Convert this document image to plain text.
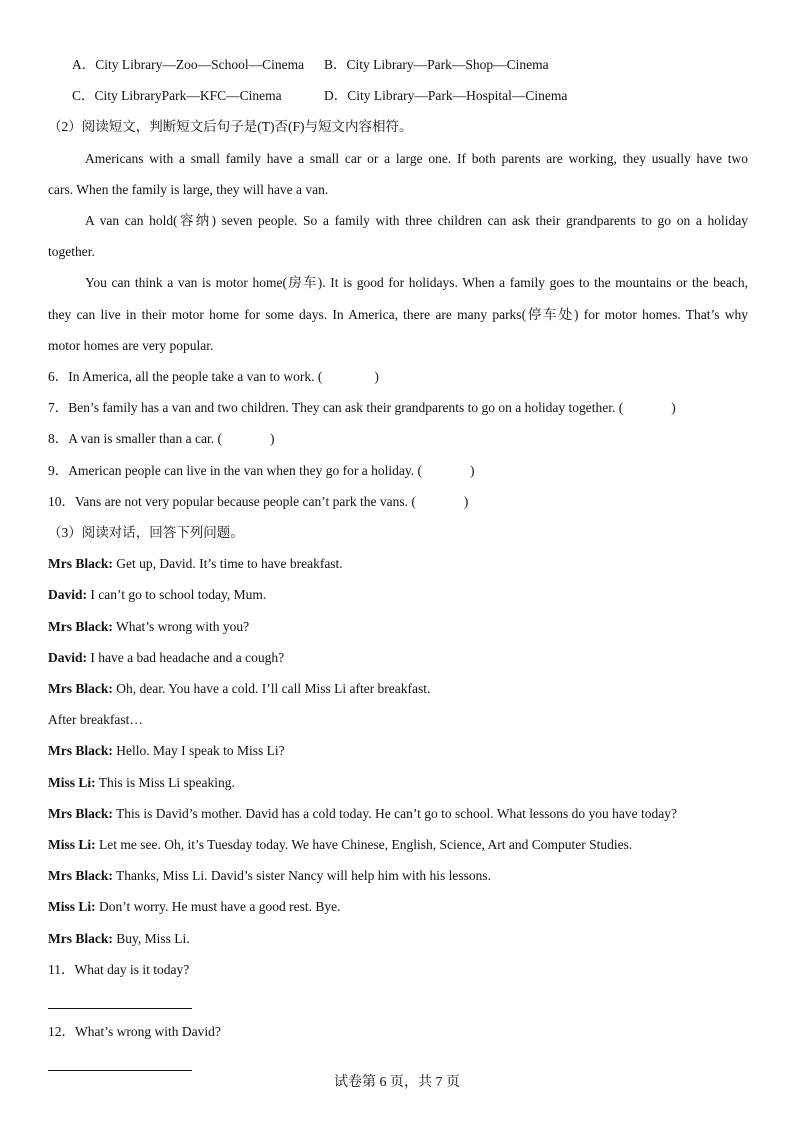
A．City Library—Zoo—School—Cinema B．City Library—Park—Shop—Cinema
C．City LibraryPark—KFC—Cinema	D．City Library—Park—Hospital—Cinema
（2）阅读短文，判断短文后句子是(T)否(F)与短文内容相符。
Americans with a small family have a small car or a large one. If both parents are working, they usually have two
cars. When the family is large, they will have a van.
A van can hold(容纳) seven people. So a family with three children can ask their grandparents to go on a holiday
together.
You can think a van is motor home(房车). It is good for holidays. When a family goes to the mountains or the beach,
they can live in their motor home for some days. In America, there are many parks(停车处) for motor homes. That’s why
motor homes are very popular.
6．In America, all the people take a van to work. (	)
7．Ben’s family has a van and two children. They can ask their grandparents to go on a holiday together. (	)
8．A van is smaller than a car. (	)
9．American people can live in the van when they go for a holiday. (	)
10．Vans are not very popular because people can’t park the vans. (	)
（3）阅读对话，回答下列问题。
Mrs Black: Get up, David. It’s time to have breakfast.
David: I can’t go to school today, Mum.
Mrs Black: What’s wrong with you?
David: I have a bad headache and a cough?
Mrs Black: Oh, dear. You have a cold. I’ll call Miss Li after breakfast.
After breakfast…
Mrs Black: Hello. May I speak to Miss Li?
Miss Li: This is Miss Li speaking.
Mrs Black: This is David’s mother. David has a cold today. He can’t go to school. What lessons do you have today?
Miss Li: Let me see. Oh, it’s Tuesday today. We have Chinese, English, Science, Art and Computer Studies.
Mrs Black: Thanks, Miss Li. David’s sister Nancy will help him with his lessons.
Miss Li: Don’t worry. He must have a good rest. Bye.
Mrs Black: Buy, Miss Li.
11．What day is it today?
12．What’s wrong with David?
试卷第 6 页，共 7 页
